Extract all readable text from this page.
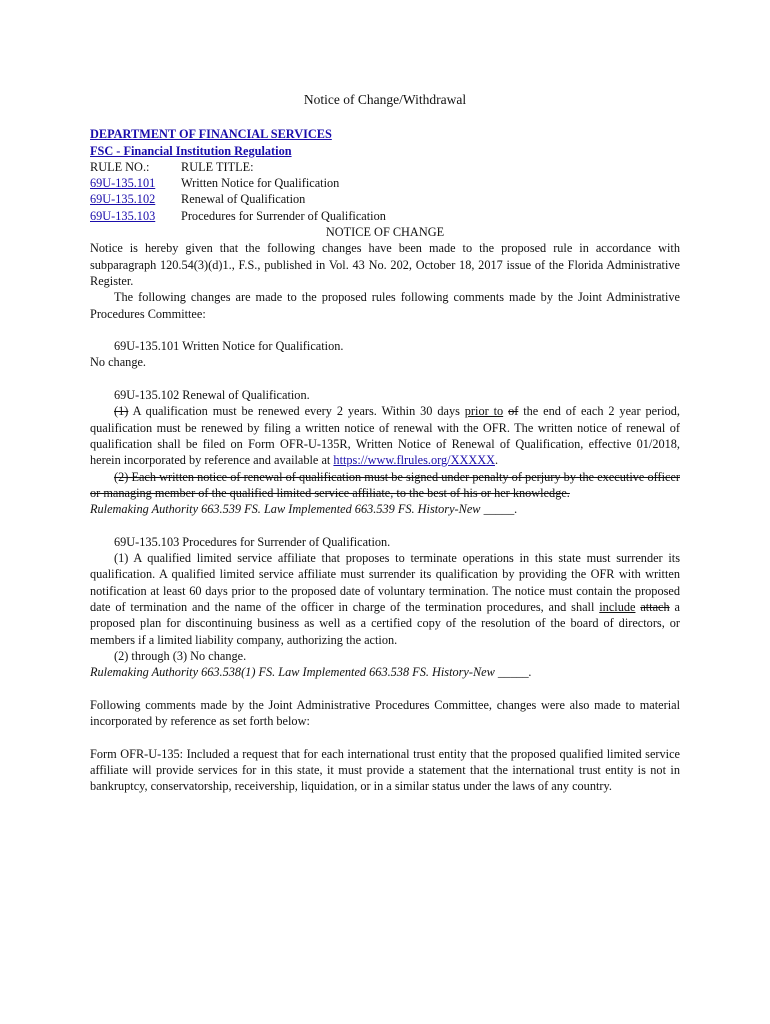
Notice of Change/Withdrawal
DEPARTMENT OF FINANCIAL SERVICES
FSC - Financial Institution Regulation
RULE NO.:	RULE TITLE:
69U-135.101	Written Notice for Qualification
69U-135.102	Renewal of Qualification
69U-135.103	Procedures for Surrender of Qualification
NOTICE OF CHANGE
Notice is hereby given that the following changes have been made to the proposed rule in accordance with subparagraph 120.54(3)(d)1., F.S., published in Vol. 43 No. 202, October 18, 2017 issue of the Florida Administrative Register.
The following changes are made to the proposed rules following comments made by the Joint Administrative Procedures Committee:
69U-135.101 Written Notice for Qualification.
No change.
69U-135.102 Renewal of Qualification.
(1) A qualification must be renewed every 2 years. Within 30 days prior to of the end of each 2 year period, qualification must be renewed by filing a written notice of renewal with the OFR. The written notice of renewal of qualification shall be filed on Form OFR-U-135R, Written Notice of Renewal of Qualification, effective 01/2018, herein incorporated by reference and available at https://www.flrules.org/XXXXX.
(2) Each written notice of renewal of qualification must be signed under penalty of perjury by the executive officer or managing member of the qualified limited service affiliate, to the best of his or her knowledge.
Rulemaking Authority 663.539 FS. Law Implemented 663.539 FS. History-New _____.
69U-135.103 Procedures for Surrender of Qualification.
(1) A qualified limited service affiliate that proposes to terminate operations in this state must surrender its qualification. A qualified limited service affiliate must surrender its qualification by providing the OFR with written notification at least 60 days prior to the proposed date of voluntary termination. The notice must contain the proposed date of termination and the name of the officer in charge of the termination procedures, and shall include attach a proposed plan for discontinuing business as well as a certified copy of the resolution of the board of directors, or members if a limited liability company, authorizing the action.
(2) through (3) No change.
Rulemaking Authority 663.538(1) FS. Law Implemented 663.538 FS. History-New _____.
Following comments made by the Joint Administrative Procedures Committee, changes were also made to material incorporated by reference as set forth below:
Form OFR-U-135: Included a request that for each international trust entity that the proposed qualified limited service affiliate will provide services for in this state, it must provide a statement that the international trust entity is not in bankruptcy, conservatorship, receivership, liquidation, or in a similar status under the laws of any country.
